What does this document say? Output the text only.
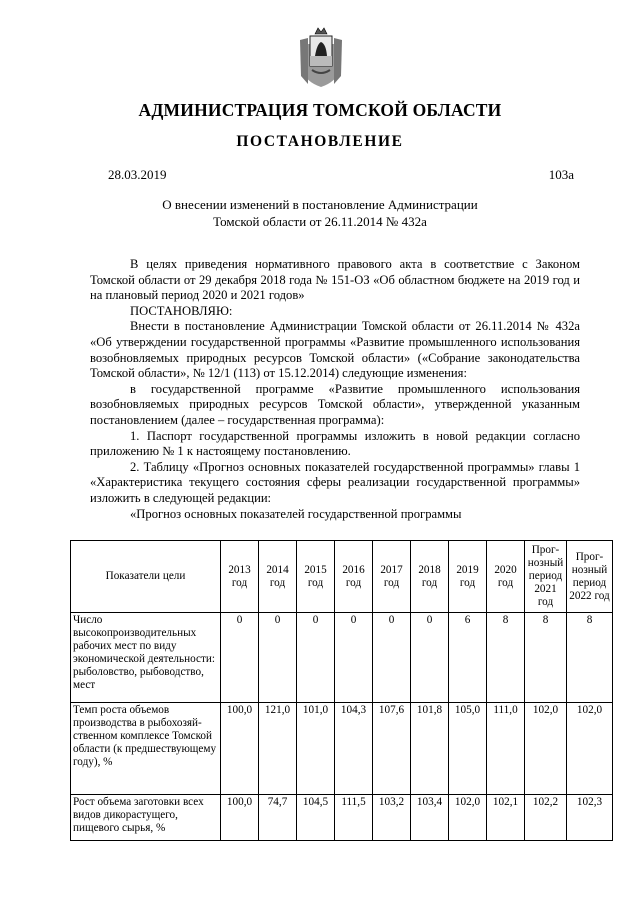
АДМИНИСТРАЦИЯ ТОМСКОЙ ОБЛАСТИ
ПОСТАНОВЛЕНИЕ
28.03.2019	103а
О внесении изменений в постановление Администрации
Томской области от 26.11.2014 № 432а

В целях приведения нормативного правового акта в соответствие с Законом Томской области от 29 декабря 2018 года № 151-ОЗ «Об областном бюджете на 2019 год и на плановый период 2020 и 2021 годов»

ПОСТАНОВЛЯЮ:

Внести в постановление Администрации Томской области от 26.11.2014 № 432а «Об утверждении государственной программы «Развитие промышленного использования возобновляемых природных ресурсов Томской области» («Собрание законодательства Томской области», № 12/1 (113) от 15.12.2014) следующие изменения:

в государственной программе «Развитие промышленного использования возобновляемых природных ресурсов Томской области», утвержденной указанным постановлением (далее – государственная программа):

1. Паспорт государственной программы изложить в новой редакции согласно приложению № 1 к настоящему постановлению.

2. Таблицу «Прогноз основных показателей государственной программы» главы 1 «Характеристика текущего состояния сферы реализации государственной программы» изложить в следующей редакции:

«Прогноз основных показателей государственной программы

Показатели цели	2013 год	2014 год	2015 год	2016 год	2017 год	2018 год	2019 год	2020 год	Прог-нозный период 2021 год	Прог-нозный период 2022 год
Число высокопроизводительных рабочих мест по виду экономической деятельности: рыболовство, рыбоводство, мест	0	0	0	0	0	0	6	8	8	8
Темп роста объемов производства в рыбохозяй-ственном комплексе Томской области (к предшествующему году), %	100,0	121,0	101,0	104,3	107,6	101,8	105,0	111,0	102,0	102,0
Рост объема заготовки всех видов дикорастущего, пищевого сырья, %	100,0	74,7	104,5	111,5	103,2	103,4	102,0	102,1	102,2	102,3
